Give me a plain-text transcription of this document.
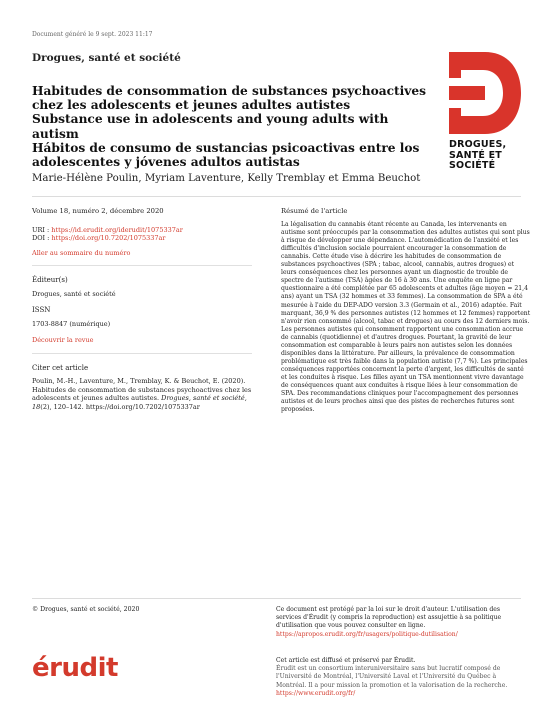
Document généré le 9 sept. 2023 11:17
Drogues, santé et société
Habitudes de consommation de substances psychoactives chez les adolescents et jeunes adultes autistes
Substance use in adolescents and young adults with autism
Hábitos de consumo de sustancias psicoactivas entre los adolescentes y jóvenes adultos autistas
Marie-Hélène Poulin, Myriam Laventure, Kelly Tremblay et Emma Beuchot
DROGUES,
SANTÉ ET
SOCIÉTÉ
Volume 18, numéro 2, décembre 2020
URI : https://id.erudit.org/iderudit/1075337ar
DOI : https://doi.org/10.7202/1075337ar
Aller au sommaire du numéro
Éditeur(s)
Drogues, santé et société
ISSN
1703-8847 (numérique)
Découvrir la revue
Citer cet article
Poulin, M.-H., Laventure, M., Tremblay, K. & Beuchot, E. (2020). Habitudes de consommation de substances psychoactives chez les adolescents et jeunes adultes autistes. Drogues, santé et société, 18(2), 120–142. https://doi.org/10.7202/1075337ar
Résumé de l'article
La légalisation du cannabis étant récente au Canada, les intervenants en autisme sont préoccupés par la consommation des adultes autistes qui sont plus à risque de développer une dépendance. L'automédication de l'anxiété et les difficultés d'inclusion sociale pourraient encourager la consommation de cannabis. Cette étude vise à décrire les habitudes de consommation de substances psychoactives (SPA ; tabac, alcool, cannabis, autres drogues) et leurs conséquences chez les personnes ayant un diagnostic de trouble de spectre de l'autisme (TSA) âgées de 16 à 30 ans. Une enquête en ligne par questionnaire a été complétée par 65 adolescents et adultes (âge moyen = 21,4 ans) ayant un TSA (32 hommes et 33 femmes). La consommation de SPA a été mesurée à l'aide du DEP-ADO version 3.3 (Germain et al., 2016) adaptée. Fait marquant, 36,9 % des personnes autistes (12 hommes et 12 femmes) rapportent n'avoir rien consommé (alcool, tabac et drogues) au cours des 12 derniers mois. Les personnes autistes qui consomment rapportent une consommation accrue de cannabis (quotidienne) et d'autres drogues. Pourtant, la gravité de leur consommation est comparable à leurs pairs non autistes selon les données disponibles dans la littérature. Par ailleurs, la prévalence de consommation problématique est très faible dans la population autiste (7,7 %). Les principales conséquences rapportées concernent la perte d'argent, les difficultés de santé et les conduites à risque. Les filles ayant un TSA mentionnent vivre davantage de conséquences quant aux conduites à risque liées à leur consommation de SPA. Des recommandations cliniques pour l'accompagnement des personnes autistes et de leurs proches ainsi que des pistes de recherches futures sont proposées.
© Drogues, santé et société, 2020	Ce document est protégé par la loi sur le droit d'auteur. L'utilisation des services d'Érudit (y compris la reproduction) est assujettie à sa politique d'utilisation que vous pouvez consulter en ligne.
https://apropos.erudit.org/fr/usagers/politique-dutilisation/
érudit	Cet article est diffusé et préservé par Érudit.
Érudit est un consortium interuniversitaire sans but lucratif composé de l'Université de Montréal, l'Université Laval et l'Université du Québec à Montréal. Il a pour mission la promotion et la valorisation de la recherche.
https://www.erudit.org/fr/
